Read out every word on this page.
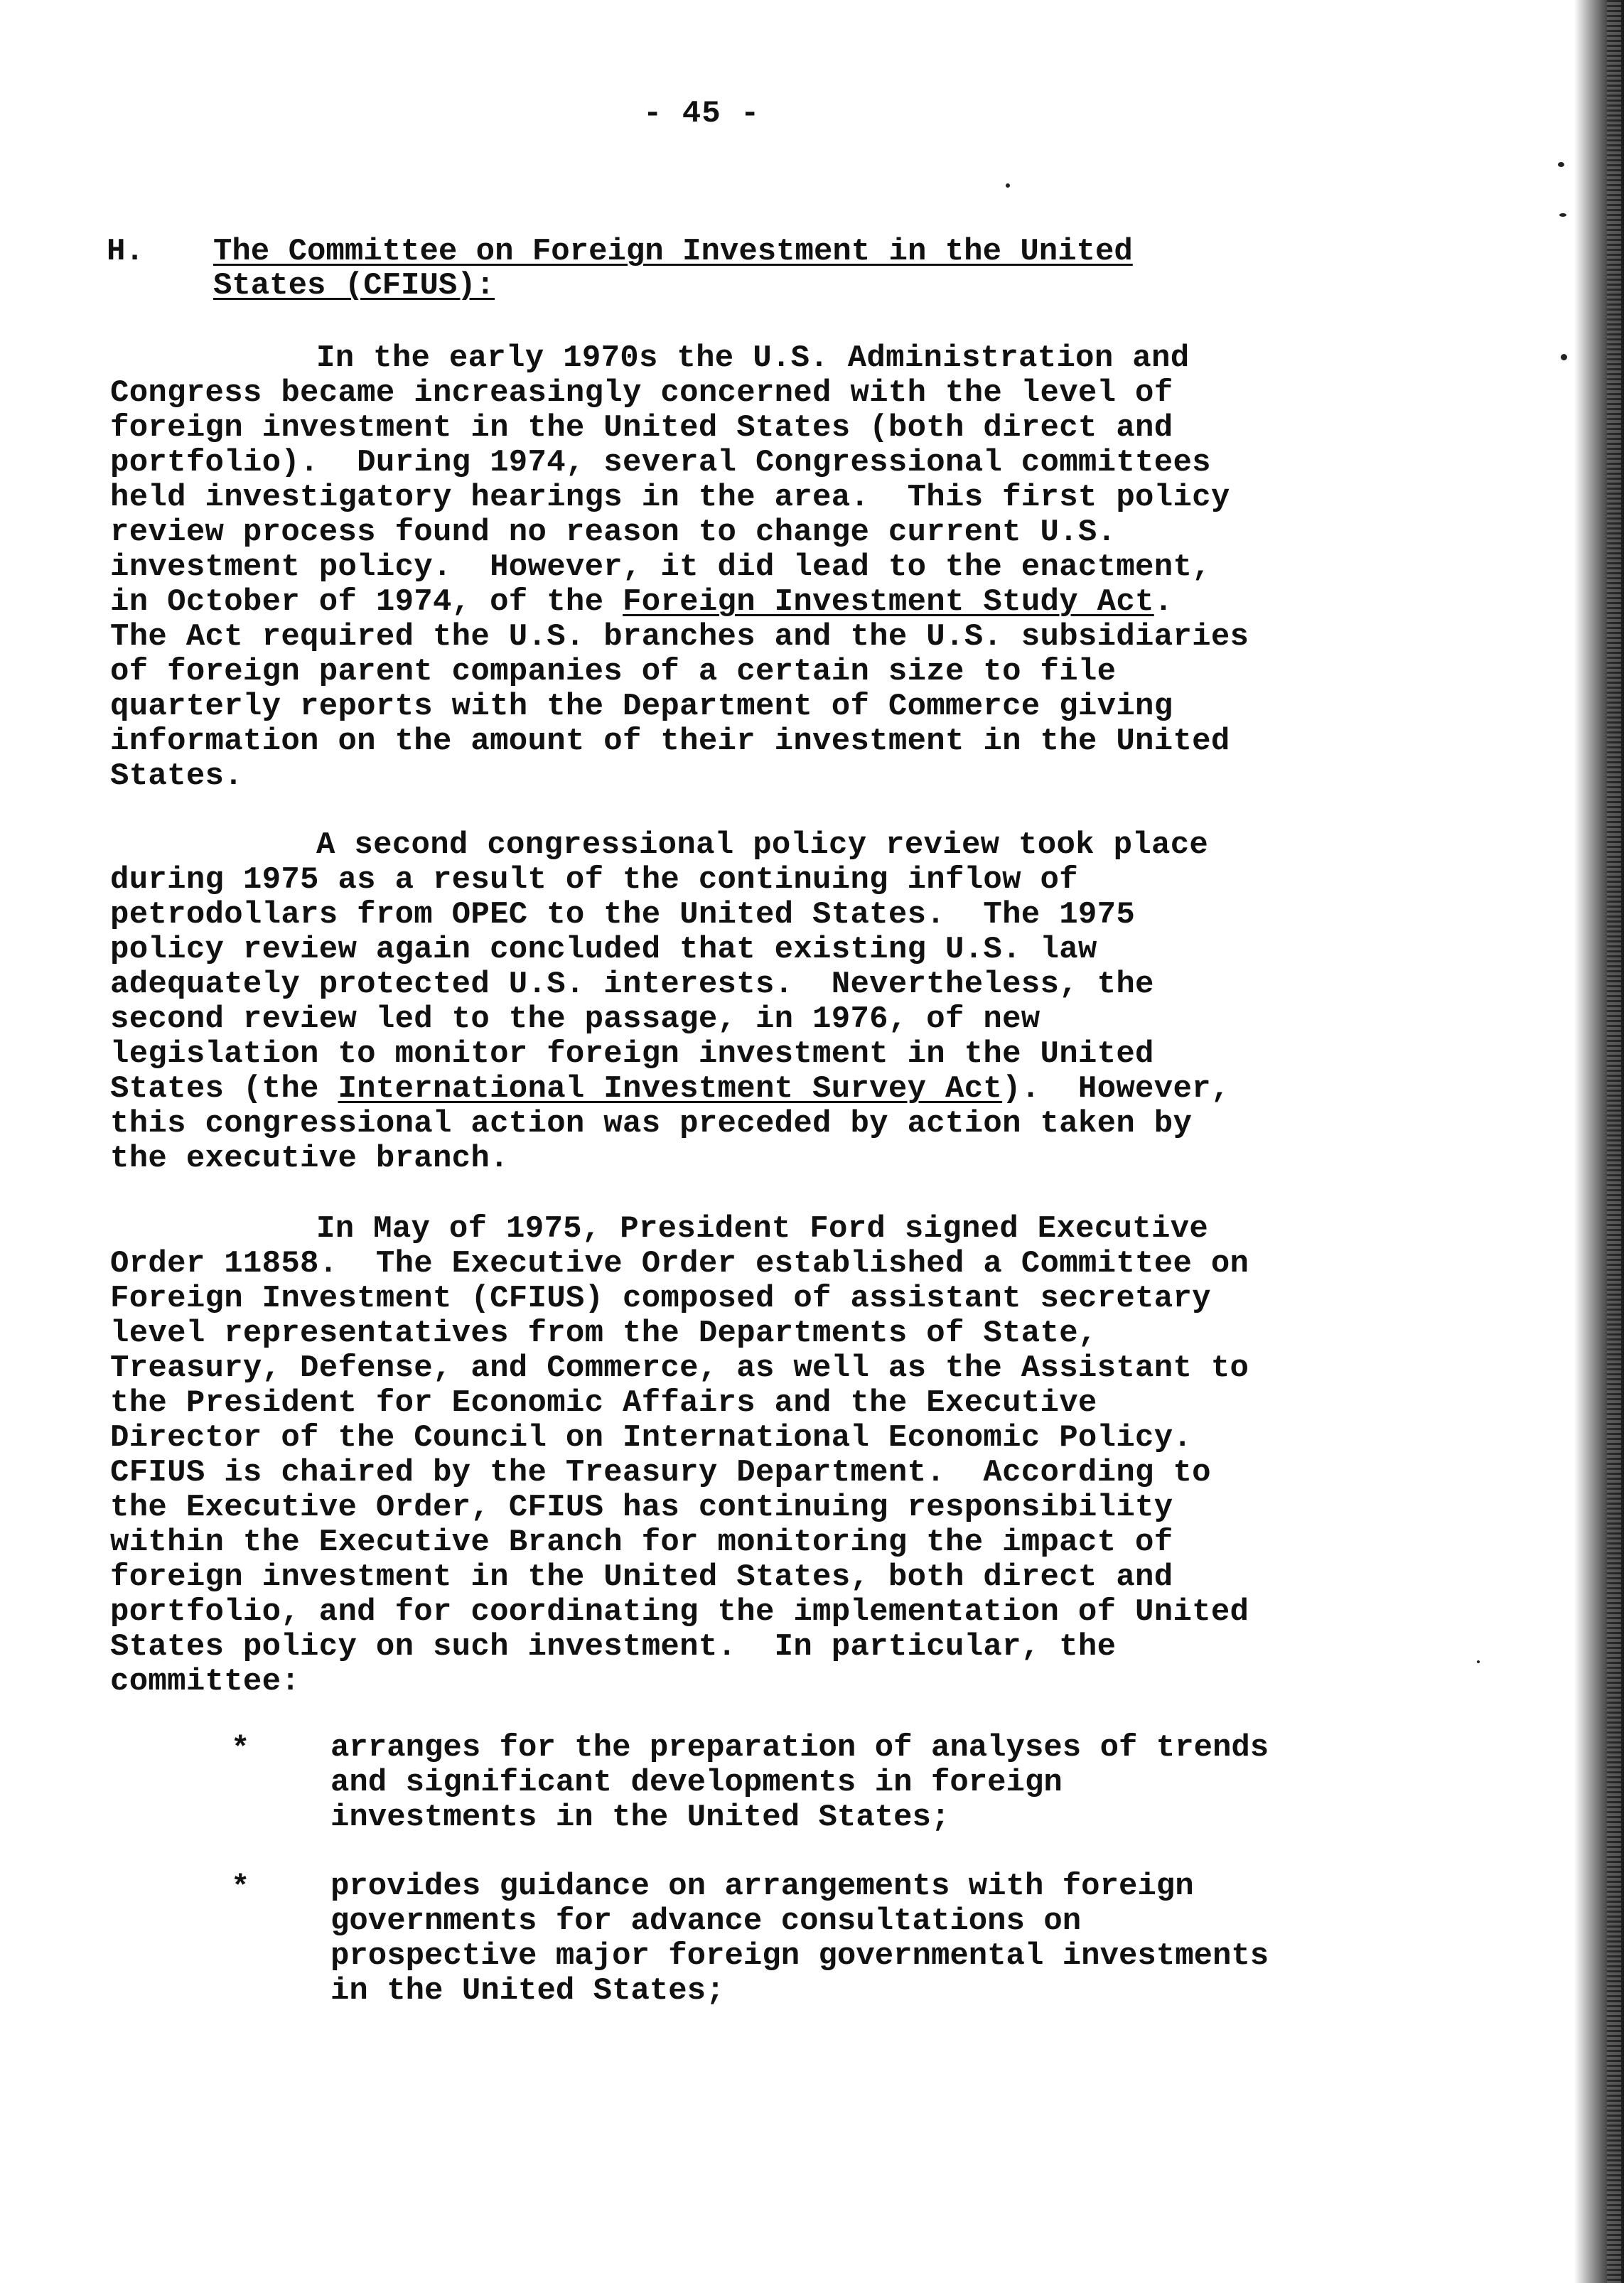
- 45 -
H. The Committee on Foreign Investment in the United
States (CFIUS):
In the early 1970s the U.S. Administration and
Congress became increasingly concerned with the level of
foreign investment in the United States (both direct and
portfolio).  During 1974, several Congressional committees
held investigatory hearings in the area.  This first policy
review process found no reason to change current U.S.
investment policy.  However, it did lead to the enactment,
in October of 1974, of the Foreign Investment Study Act.
The Act required the U.S. branches and the U.S. subsidiaries
of foreign parent companies of a certain size to file
quarterly reports with the Department of Commerce giving
information on the amount of their investment in the United
States.
A second congressional policy review took place
during 1975 as a result of the continuing inflow of
petrodollars from OPEC to the United States.  The 1975
policy review again concluded that existing U.S. law
adequately protected U.S. interests.  Nevertheless, the
second review led to the passage, in 1976, of new
legislation to monitor foreign investment in the United
States (the International Investment Survey Act).  However,
this congressional action was preceded by action taken by
the executive branch.
In May of 1975, President Ford signed Executive
Order 11858.  The Executive Order established a Committee on
Foreign Investment (CFIUS) composed of assistant secretary
level representatives from the Departments of State,
Treasury, Defense, and Commerce, as well as the Assistant to
the President for Economic Affairs and the Executive
Director of the Council on International Economic Policy.
CFIUS is chaired by the Treasury Department.  According to
the Executive Order, CFIUS has continuing responsibility
within the Executive Branch for monitoring the impact of
foreign investment in the United States, both direct and
portfolio, and for coordinating the implementation of United
States policy on such investment.  In particular, the
committee:
*	arranges for the preparation of analyses of trends
and significant developments in foreign
investments in the United States;
*	provides guidance on arrangements with foreign
governments for advance consultations on
prospective major foreign governmental investments
in the United States;
